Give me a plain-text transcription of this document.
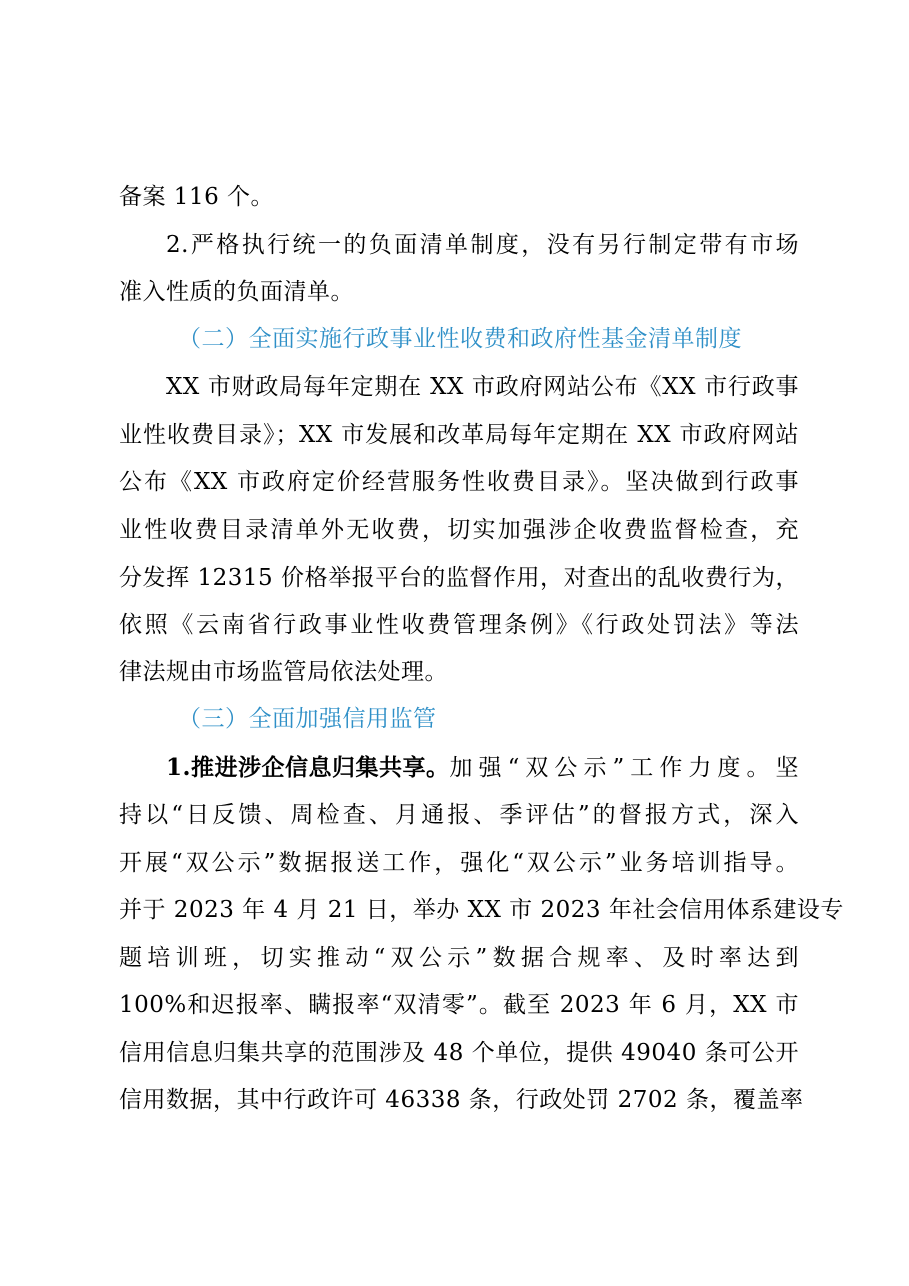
备案 116 个。
2.严格执行统一的负面清单制度，没有另行制定带有市场
准入性质的负面清单。
（二）全面实施行政事业性收费和政府性基金清单制度
XX 市财政局每年定期在 XX 市政府网站公布《XX 市行政事
业性收费目录》；XX 市发展和改革局每年定期在 XX 市政府网站
公布《XX 市政府定价经营服务性收费目录》。坚决做到行政事
业性收费目录清单外无收费，切实加强涉企收费监督检查，充
分发挥 12315 价格举报平台的监督作用，对查出的乱收费行为，
依照《云南省行政事业性收费管理条例》《行政处罚法》等法
律法规由市场监管局依法处理。
（三）全面加强信用监管
1.推进涉企信息归集共享。 加强“双公示”工作力度。坚
持以“日反馈、周检查、月通报、季评估”的督报方式，深入
开展“双公示”数据报送工作，强化“双公示”业务培训指导。
并于 2023 年 4 月 21 日，举办 XX 市 2023 年社会信用体系建设专
题培训班，切实推动“双公示”数据合规率、及时率达到
100%和迟报率、瞒报率“双清零”。截至 2023 年 6 月，XX 市
信用信息归集共享的范围涉及 48 个单位，提供 49040 条可公开
信用数据，其中行政许可 46338 条，行政处罚 2702 条，覆盖率
